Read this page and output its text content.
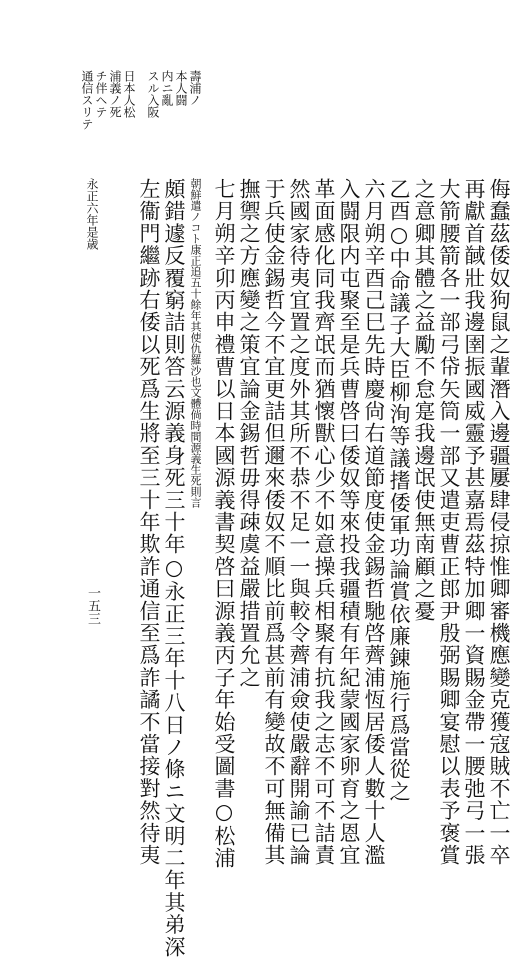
壽浦ノ
本人闘
内ニ亂
スル入阪
日本人松
浦義ノ死
チ伴ヘテ
通信スリテ
侮蠢茲倭奴狗鼠之輩潛入邊疆屢肆侵掠惟卿審機應變克獲寇賊不亡一卒
再獻首馘壯我邊圉振國威靈予甚嘉焉茲特加卿一資賜金帶一腰弛弓一張
大箭腰箭各一部弓帒矢筒一部又遣吏曹正郎尹殷弼賜卿宴慰以表予褒賞
之意卿其體之益勵不怠寔我邊氓使無南顧之憂
乙酉○中命議子大臣柳洵等議搘倭軍功論賞依廉錬施行爲當從之
六月朔辛酉己巳先時慶尙右道節度使金錫哲馳啓薺浦恆居倭人數十人濫
入闘限内屯聚至是兵曹啓曰倭奴等來投我疆積有年紀蒙國家卵育之恩宜
革面感化同我齊氓而猶懷獸心少不如意操兵相聚有抗我之志不可不詰責
然國家待夷宜置之度外其所不恭不足一一與較令薺浦僉使嚴辭開諭已論
于兵使金錫哲今不宜更詰但邇來倭奴不順比前爲甚前有變故不可無備其
撫禦之方應變之策宜論金錫哲毋得疎虞益嚴措置允之
七月朔辛卯丙申禮曹以日本國源義書契啓曰源義丙子年始受圖書○松浦
朝鮮遣ノコト康正追五十餘年其使仇羅沙也文體倘時間源義生死則言
頗錯遽反覆窮詰則答云源義身死三十年○永正三年十八日ノ條ニ文明二年其弟深
左衞門繼跡右倭以死爲生將至三十年欺詐通信至爲詐譎不當接對然待夷
永正六年是歳
一五三
